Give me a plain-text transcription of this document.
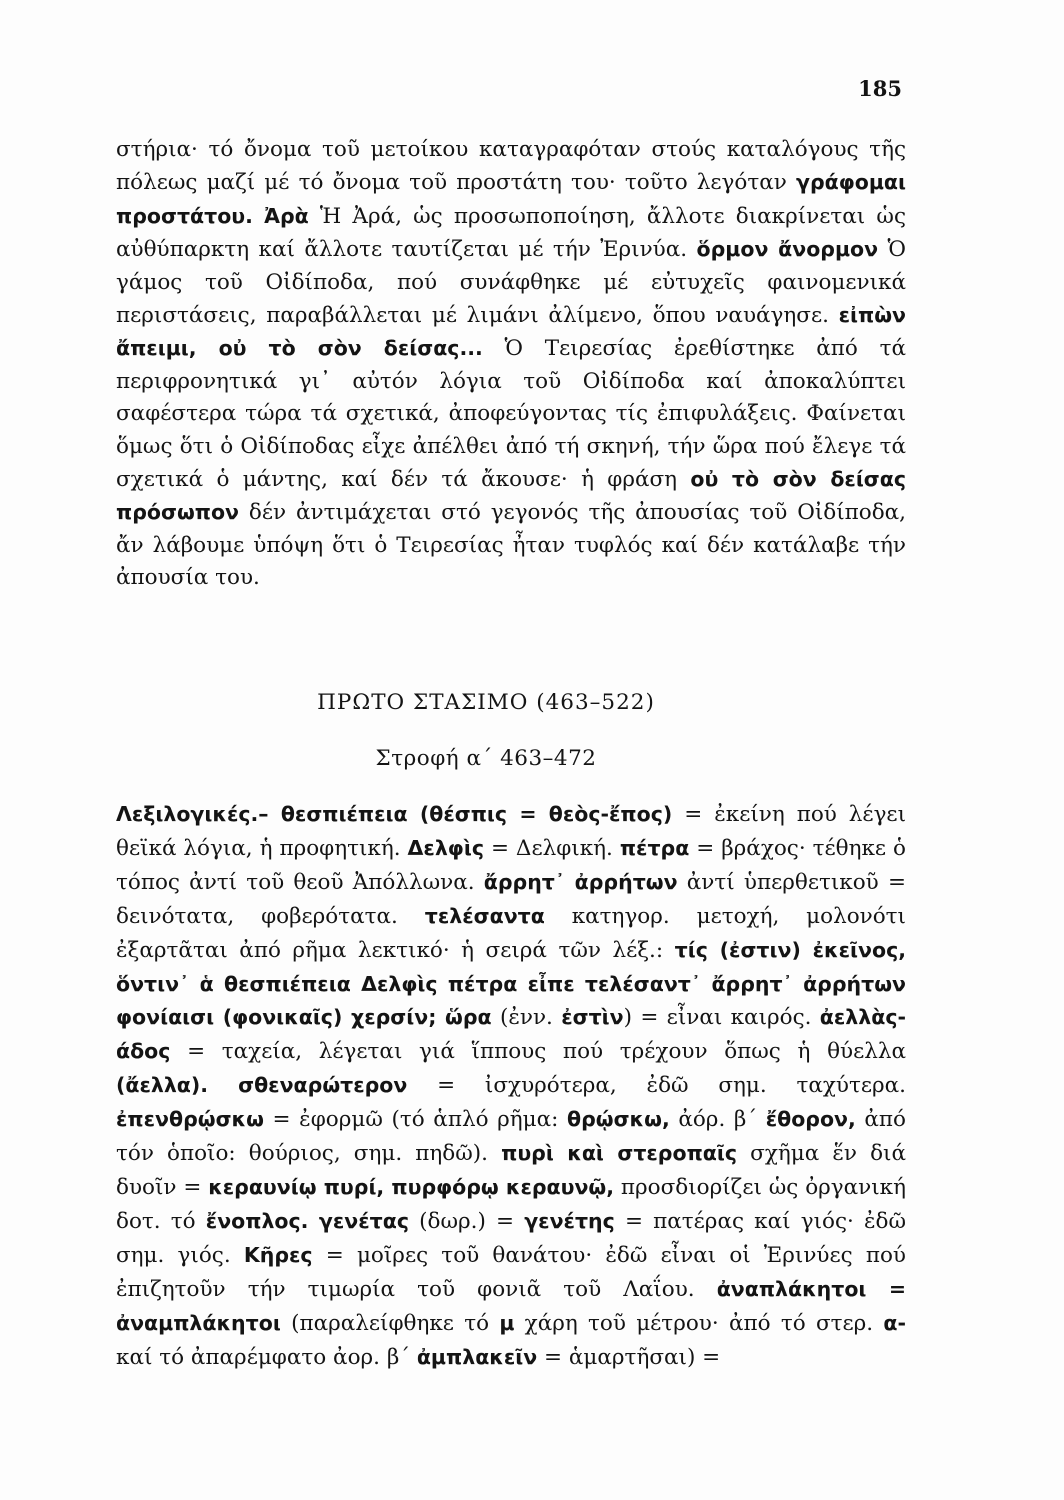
185
στήρια· τό ὄνομα τοῦ μετοίκου καταγραφόταν στούς καταλόγους τῆς πόλεως μαζί μέ τό ὄνομα τοῦ προστάτη του· τοῦτο λεγόταν γράφομαι προστάτου. Ἀρὰ Ἡ Ἀρά, ὡς προσωποποίηση, ἄλλοτε διακρίνεται ὡς αὐθύπαρκτη καί ἄλλοτε ταυτίζεται μέ τήν Ἐρινύα. ὅρμον ἄνορμον Ὁ γάμος τοῦ Οἰδίποδα, πού συνάφθηκε μέ εὐτυχεῖς φαινομενικά περιστάσεις, παραβάλλεται μέ λιμάνι ἀλίμενο, ὅπου ναυάγησε. εἰπὼν ἄπειμι, οὐ τὸ σὸν δείσας... Ὁ Τειρεσίας ἐρεθίστηκε ἀπό τά περιφρονητικά γι᾽ αὐτόν λόγια τοῦ Οἰδίποδα καί ἀποκαλύπτει σαφέστερα τώρα τά σχετικά, ἀποφεύγοντας τίς ἐπιφυλάξεις. Φαίνεται ὅμως ὅτι ὁ Οἰδίποδας εἶχε ἀπέλθει ἀπό τή σκηνή, τήν ὥρα πού ἔλεγε τά σχετικά ὁ μάντης, καί δέν τά ἄκουσε· ἡ φράση οὐ τὸ σὸν δείσας πρόσωπον δέν ἀντιμάχεται στό γεγονός τῆς ἀπουσίας τοῦ Οἰδίποδα, ἄν λάβουμε ὑπόψη ὅτι ὁ Τειρεσίας ἦταν τυφλός καί δέν κατάλαβε τήν ἀπουσία του.
ΠΡΩΤΟ ΣΤΑΣΙΜΟ (463–522)
Στροφή α΄ 463–472
Λεξιλογικές.– θεσπιέπεια (θέσπις = θεὸς-ἔπος) = ἐκείνη πού λέγει θεϊκά λόγια, ἡ προφητική. Δελφὶς = Δελφική. πέτρα = βράχος· τέθηκε ὁ τόπος ἀντί τοῦ θεοῦ Ἀπόλλωνα. ἄρρητ᾽ ἀρρήτων ἀντί ὑπερθετικοῦ = δεινότατα, φοβερότατα. τελέσαντα κατηγορ. μετοχή, μολονότι ἐξαρτᾶται ἀπό ρῆμα λεκτικό· ἡ σειρά τῶν λέξ.: τίς (ἐστιν) ἐκεῖνος, ὅντιν᾽ ἁ θεσπιέπεια Δελφὶς πέτρα εἶπε τελέσαντ᾽ ἄρρητ᾽ ἀρρήτων φονίαισι (φονικαῖς) χερσίν; ὥρα (ἐνν. ἐστὶν) = εἶναι καιρός. ἀελλὰς-άδος = ταχεία, λέγεται γιά ἵππους πού τρέχουν ὅπως ἡ θύελλα (ἄελλα). σθεναρώτερον = ἰσχυρότερα, ἐδῶ σημ. ταχύτερα. ἐπενθρῴσκω = ἐφορμῶ (τό ἁπλό ρῆμα: θρῴσκω, ἀόρ. β΄ ἔθορον, ἀπό τόν ὁποῖο: θούριος, σημ. πηδῶ). πυρὶ καὶ στεροπαῖς σχῆμα ἕν διά δυοῖν = κεραυνίῳ πυρί, πυρφόρῳ κεραυνῷ, προσδιορίζει ὡς ὀργανική δοτ. τό ἔνοπλος. γενέτας (δωρ.) = γενέτης = πατέρας καί γιός· ἐδῶ σημ. γιός. Κῆρες = μοῖρες τοῦ θανάτου· ἐδῶ εἶναι οἱ Ἐρινύες πού ἐπιζητοῦν τήν τιμωρία τοῦ φονιᾶ τοῦ Λαΐου. ἀναπλάκητοι = ἀναμπλάκητοι (παραλείφθηκε τό μ χάρη τοῦ μέτρου· ἀπό τό στερ. α- καί τό ἀπαρέμφατο ἀορ. β΄ ἀμπλακεῖν = ἁμαρτῆσαι) =
